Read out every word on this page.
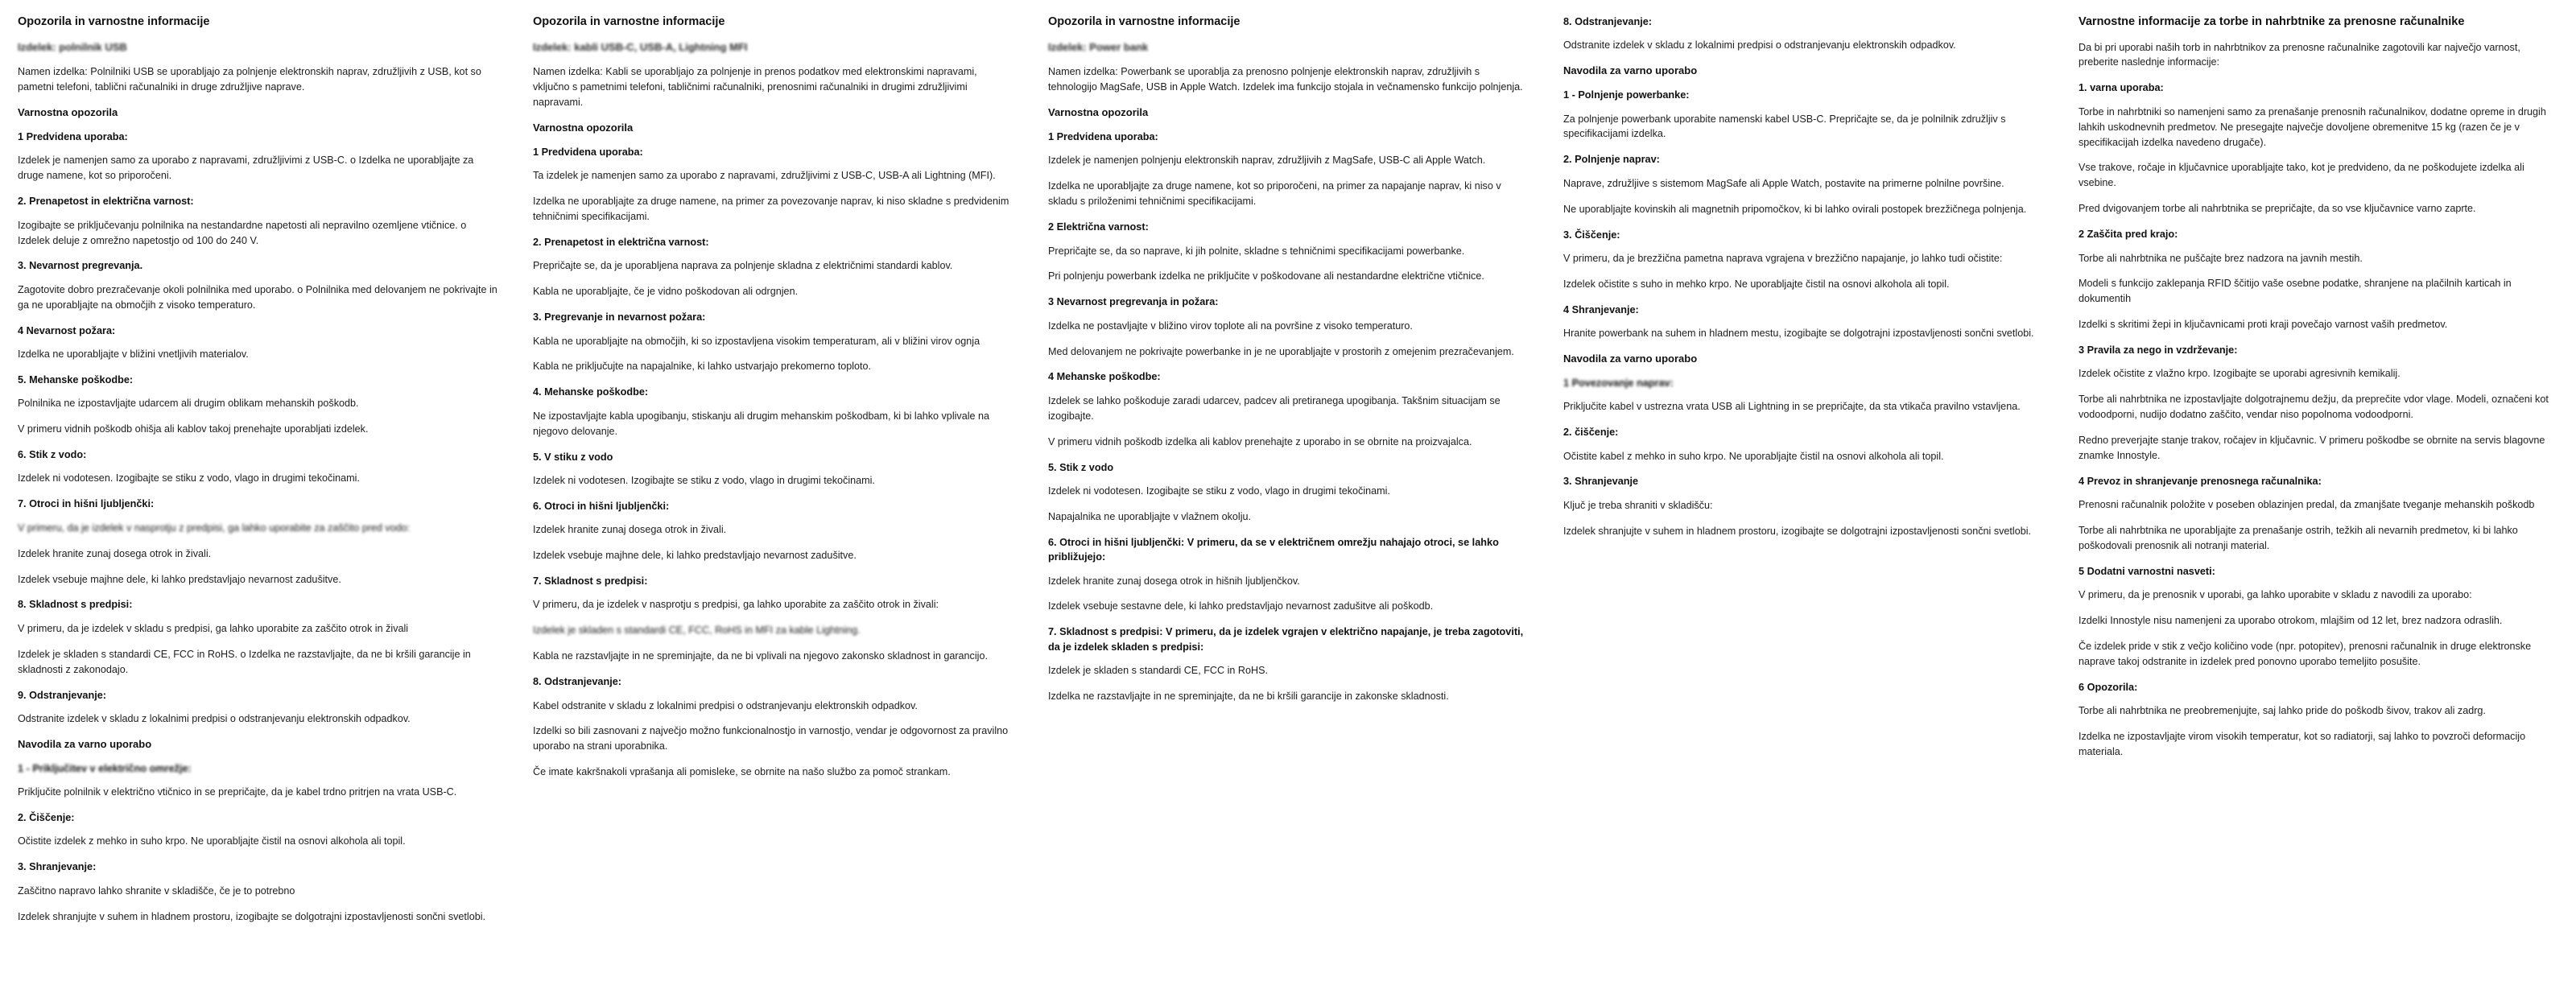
Opozorila in varnostne informacije
Izdelek: polnilnik USB
Namen izdelka: Polnilniki USB se uporabljajo za polnjenje elektronskih naprav, združljivih z USB, kot so pametni telefoni, tablični računalniki in druge združljive naprave.
Varnostna opozorila
1 Predvidena uporaba:
Izdelek je namenjen samo za uporabo z napravami, združljivimi z USB-C. o Izdelka ne uporabljajte za druge namene, kot so priporočeni.
2. Prenapetost in električna varnost:
Izogibajte se priključevanju polnilnika na nestandardne napetosti ali nepravilno ozemljene vtičnice. o Izdelek deluje z omrežno napetostjo od 100 do 240 V.
3. Nevarnost pregrevanja.
Zagotovite dobro prezračevanje okoli polnilnika med uporabo. o Polnilnika med delovanjem ne pokrivajte in ga ne uporabljajte na območjih z visoko temperaturo.
4 Nevarnost požara:
Izdelka ne uporabljajte v bližini vnetljivih materialov.
5. Mehanske poškodbe:
Polnilnika ne izpostavljajte udarcem ali drugim oblikam mehanskih poškodb.
V primeru vidnih poškodb ohišja ali kablov takoj prenehajte uporabljati izdelek.
6. Stik z vodo:
Izdelek ni vodotesen. Izogibajte se stiku z vodo, vlago in drugimi tekočinami.
7. Otroci in hišni ljubljenčki:
V primeru, da je izdelek v nasprotju z predpisi, ga lahko uporabite za zaščito pred vodo:
Izdelek hranite zunaj dosega otrok in živali.
Izdelek vsebuje majhne dele, ki lahko predstavljajo nevarnost zadušitve.
8. Skladnost s predpisi:
V primeru, da je izdelek v skladu s predpisi, ga lahko uporabite za zaščito otrok in živali
Izdelek je skladen s standardi CE, FCC in RoHS. o Izdelka ne razstavljajte, da ne bi kršili garancije in skladnosti z zakonodajo.
9. Odstranjevanje:
Odstranite izdelek v skladu z lokalnimi predpisi o odstranjevanju elektronskih odpadkov.
Navodila za varno uporabo
1 - Priključitev v električno omrežje:
Priključite polnilnik v električno vtičnico in se prepričajte, da je kabel trdno pritrjen na vrata USB-C.
2. Čiščenje:
Očistite izdelek z mehko in suho krpo. Ne uporabljajte čistil na osnovi alkohola ali topil.
3. Shranjevanje:
Zaščitno napravo lahko shranite v skladišče, če je to potrebno
Izdelek shranjujte v suhem in hladnem prostoru, izogibajte se dolgotrajni izpostavljenosti sončni svetlobi.
Opozorila in varnostne informacije
Izdelek: kabli USB-C, USB-A, Lightning MFI
Namen izdelka: Kabli se uporabljajo za polnjenje in prenos podatkov med elektronskimi napravami, vključno s pametnimi telefoni, tabličnimi računalniki, prenosnimi računalniki in drugimi združljivimi napravami.
Varnostna opozorila
1 Predvidena uporaba:
Ta izdelek je namenjen samo za uporabo z napravami, združljivimi z USB-C, USB-A ali Lightning (MFI).
Izdelka ne uporabljajte za druge namene, na primer za povezovanje naprav, ki niso skladne s predvidenim tehničnimi specifikacijami.
2. Prenapetost in električna varnost:
Prepričajte se, da je uporabljena naprava za polnjenje skladna z električnimi standardi kablov.
Kabla ne uporabljajte, če je vidno poškodovan ali odrgnjen.
3. Pregrevanje in nevarnost požara:
Kabla ne uporabljajte na območjih, ki so izpostavljena visokim temperaturam, ali v bližini virov ognja
Kabla ne priključujte na napajalnike, ki lahko ustvarjajo prekomerno toploto.
4. Mehanske poškodbe:
Ne izpostavljajte kabla upogibanju, stiskanju ali drugim mehanskim poškodbam, ki bi lahko vplivale na njegovo delovanje.
5. V stiku z vodo
Izdelek ni vodotesen. Izogibajte se stiku z vodo, vlago in drugimi tekočinami.
6. Otroci in hišni ljubljenčki:
Izdelek hranite zunaj dosega otrok in živali.
Izdelek vsebuje majhne dele, ki lahko predstavljajo nevarnost zadušitve.
7. Skladnost s predpisi:
V primeru, da je izdelek v nasprotju s predpisi, ga lahko uporabite za zaščito otrok in živali:
Izdelek je skladen s standardi CE, FCC, RoHS in MFI za kable Lightning.
Kabla ne razstavljajte in ne spreminjajte, da ne bi vplivali na njegovo zakonsko skladnost in garancijo.
8. Odstranjevanje:
Kabel odstranite v skladu z lokalnimi predpisi o odstranjevanju elektronskih odpadkov.
Izdelki so bili zasnovani z največjo možno funkcionalnostjo in varnostjo, vendar je odgovornost za pravilno uporabo na strani uporabnika.
Če imate kakršnakoli vprašanja ali pomislekе, se obrnite na našo službo za pomoč strankam.
Opozorila in varnostne informacije
Izdelek: Power bank
Namen izdelka: Powerbank se uporablja za prenosno polnjenje elektronskih naprav, združljivih s tehnologijo MagSafe, USB in Apple Watch. Izdelek ima funkcijo stojala in večnamensko funkcijo polnjenja.
Varnostna opozorila
1 Predvidena uporaba:
Izdelek je namenjen polnjenju elektronskih naprav, združljivih z MagSafe, USB-C ali Apple Watch.
Izdelka ne uporabljajte za druge namene, kot so priporočeni, na primer za napajanje naprav, ki niso v skladu s priloženimi tehničnimi specifikacijami.
2 Električna varnost:
Prepričajte se, da so naprave, ki jih polnite, skladne s tehničnimi specifikacijami powerbanke.
Pri polnjenju powerbank izdelka ne priključite v poškodovane ali nestandardne električne vtičnice.
3 Nevarnost pregrevanja in požara:
Izdelka ne postavljajte v bližino virov toplote ali na površine z visoko temperaturo.
Med delovanjem ne pokrivajte powerbanke in je ne uporabljajte v prostorih z omejenim prezračevanjem.
4 Mehanske poškodbe:
Izdelek se lahko poškoduje zaradi udarcev, padcev ali pretiranega upogibanja. Takšnim situacijam se izogibajte.
V primeru vidnih poškodb izdelka ali kablov prenehajte z uporabo in se obrnite na proizvajalca.
5. Stik z vodo
Izdelek ni vodotesen. Izogibajte se stiku z vodo, vlago in drugimi tekočinami.
Napajalnika ne uporabljajte v vlažnem okolju.
6. Otroci in hišni ljubljenčki: V primeru, da se v električnem omrežju nahajajo otroci, se lahko približujejo:
Izdelek hranite zunaj dosega otrok in hišnih ljubljenčkov.
Izdelek vsebuje sestavne dele, ki lahko predstavljajo nevarnost zadušitve ali poškodb.
7. Skladnost s predpisi: V primeru, da je izdelek vgrajen v električno napajanje, je treba zagotoviti, da je izdelek skladen s predpisi:
Izdelek je skladen s standardi CE, FCC in RoHS.
Izdelka ne razstavljajte in ne spreminjajte, da ne bi kršili garancije in zakonske skladnosti.
8. Odstranjevanje:
Odstranite izdelek v skladu z lokalnimi predpisi o odstranjevanju elektronskih odpadkov.
Navodila za varno uporabo
1 - Polnjenje powerbanke:
Za polnjenje powerbank uporabite namenski kabel USB-C. Prepričajte se, da je polnilnik združljiv s specifikacijami izdelka.
2. Polnjenje naprav:
Naprave, združljive s sistemom MagSafe ali Apple Watch, postavite na primerne polnilne površine.
Ne uporabljajte kovinskih ali magnetnih pripomočkov, ki bi lahko ovirali postopek brezžičnega polnjenja.
3. Čiščenje:
V primeru, da je brezžična pametna naprava vgrajena v brezžično napajanje, jo lahko tudi očistite:
Izdelek očistite s suho in mehko krpo. Ne uporabljajte čistil na osnovi alkohola ali topil.
4 Shranjevanje:
Hranite powerbank na suhem in hladnem mestu, izogibajte se dolgotrajni izpostavljenosti sončni svetlobi.
Navodila za varno uporabo
1 Povezovanje naprav:
Priključite kabel v ustrezna vrata USB ali Lightning in se prepričajte, da sta vtikača pravilno vstavljena.
2. čiščenje:
Očistite kabel z mehko in suho krpo. Ne uporabljajte čistil na osnovi alkohola ali topil.
3. Shranjevanje
Ključ je treba shraniti v skladišču:
Izdelek shranjujte v suhem in hladnem prostoru, izogibajte se dolgotrajni izpostavljenosti sončni svetlobi.
Varnostne informacije za torbe in nahrbtnike za prenosne računalnike
Da bi pri uporabi naših torb in nahrbtnikov za prenosne računalnike zagotovili kar največjo varnost, preberite naslednje informacije:
1. varna uporaba:
Torbe in nahrbtniki so namenjeni samo za prenašanje prenosnih računalnikov, dodatne opreme in drugih lahkih uskodnevnih predmetov. Ne presegajte največje dovoljene obremenitve 15 kg (razen če je v specifikacijah izdelka navedeno drugače).
Vse trakove, ročaje in ključavnice uporabljajte tako, kot je predvideno, da ne poškodujete izdelka ali vsebine.
Pred dvigovanjem torbe ali nahrbtnika se prepričajte, da so vse ključavnice varno zaprte.
2 Zaščita pred krajo:
Torbe ali nahrbtnika ne puščajte brez nadzora na javnih mestih.
Modeli s funkcijo zaklepanja RFID ščitijo vaše osebne podatke, shranjene na plačilnih karticah in dokumentih
Izdelki s skritimi žepi in ključavnicami proti kraji povečajo varnost vaših predmetov.
3 Pravila za nego in vzdrževanje:
Izdelek očistite z vlažno krpo. Izogibajte se uporabi agresivnih kemikalij.
Torbe ali nahrbtnika ne izpostavljajte dolgotrajnemu dežju, da preprečite vdor vlage. Modeli, označeni kot vodoodporni, nudijo dodatno zaščito, vendar niso popolnoma vodoodporni.
Redno preverjajte stanje trakov, ročajev in ključavnic. V primeru poškodbe se obrnite na servis blagovne znamke Innostyle.
4 Prevoz in shranjevanje prenosnega računalnika:
Prenosni računalnik položite v poseben oblazinjen predal, da zmanjšate tveganje mehanskih poškodb
Torbe ali nahrbtnika ne uporabljajte za prenašanje ostrih, težkih ali nevarnih predmetov, ki bi lahko poškodovali prenosnik ali notranji material.
5 Dodatni varnostni nasveti:
V primeru, da je prenosnik v uporabi, ga lahko uporabite v skladu z navodili za uporabo:
Izdelki Innostyle nisu namenjeni za uporabo otrokom, mlajšim od 12 let, brez nadzora odraslih.
Če izdelek pride v stik z večjo količino vode (npr. potopitev), prenosni računalnik in druge elektronske naprave takoj odstranite in izdelek pred ponovno uporabo temeljito posušite.
6 Opozorila:
Torbe ali nahrbtnika ne preobremenjujte, saj lahko pride do poškodb šivov, trakov ali zadrg.
Izdelka ne izpostavljajte virom visokih temperatur, kot so radiatorji, saj lahko to povzroči deformacijo materiala.
